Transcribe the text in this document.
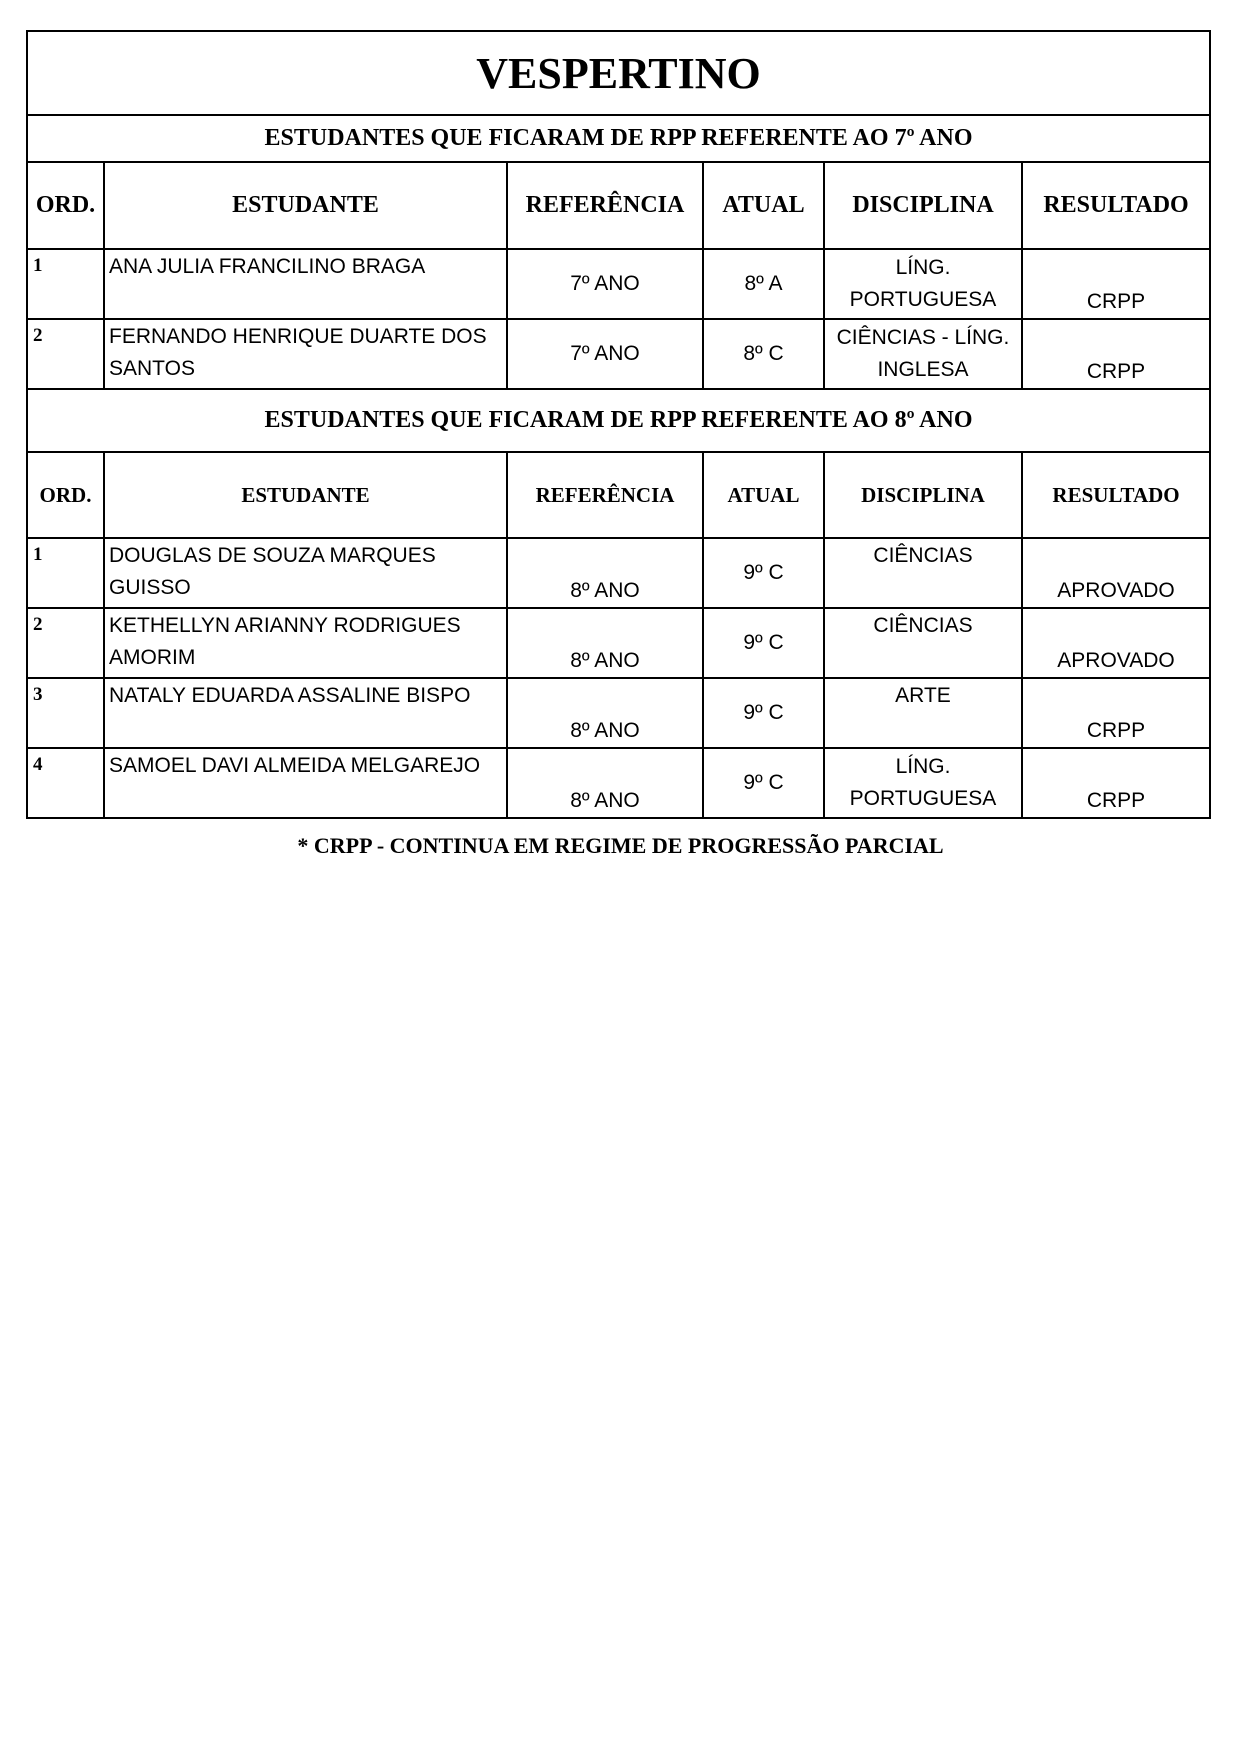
VESPERTINO					
ESTUDANTES QUE FICARAM DE RPP REFERENTE AO 7º ANO					
ORD.	ESTUDANTE	REFERÊNCIA	ATUAL	DISCIPLINA	RESULTADO
1	ANA JULIA FRANCILINO BRAGA	7º ANO	8º A	LÍNG. PORTUGUESA	CRPP
2	FERNANDO HENRIQUE DUARTE DOS SANTOS	7º ANO	8º C	CIÊNCIAS - LÍNG. INGLESA	CRPP
ESTUDANTES QUE FICARAM DE RPP REFERENTE AO 8º ANO					
ORD.	ESTUDANTE	REFERÊNCIA	ATUAL	DISCIPLINA	RESULTADO
1	DOUGLAS DE SOUZA MARQUES GUISSO	8º ANO	9º C	CIÊNCIAS	APROVADO
2	KETHELLYN ARIANNY RODRIGUES AMORIM	8º ANO	9º C	CIÊNCIAS	APROVADO
3	NATALY EDUARDA ASSALINE BISPO	8º ANO	9º C	ARTE	CRPP
4	SAMOEL DAVI ALMEIDA MELGAREJO	8º ANO	9º C	LÍNG. PORTUGUESA	CRPP
* CRPP - CONTINUA EM REGIME DE PROGRESSÃO PARCIAL
